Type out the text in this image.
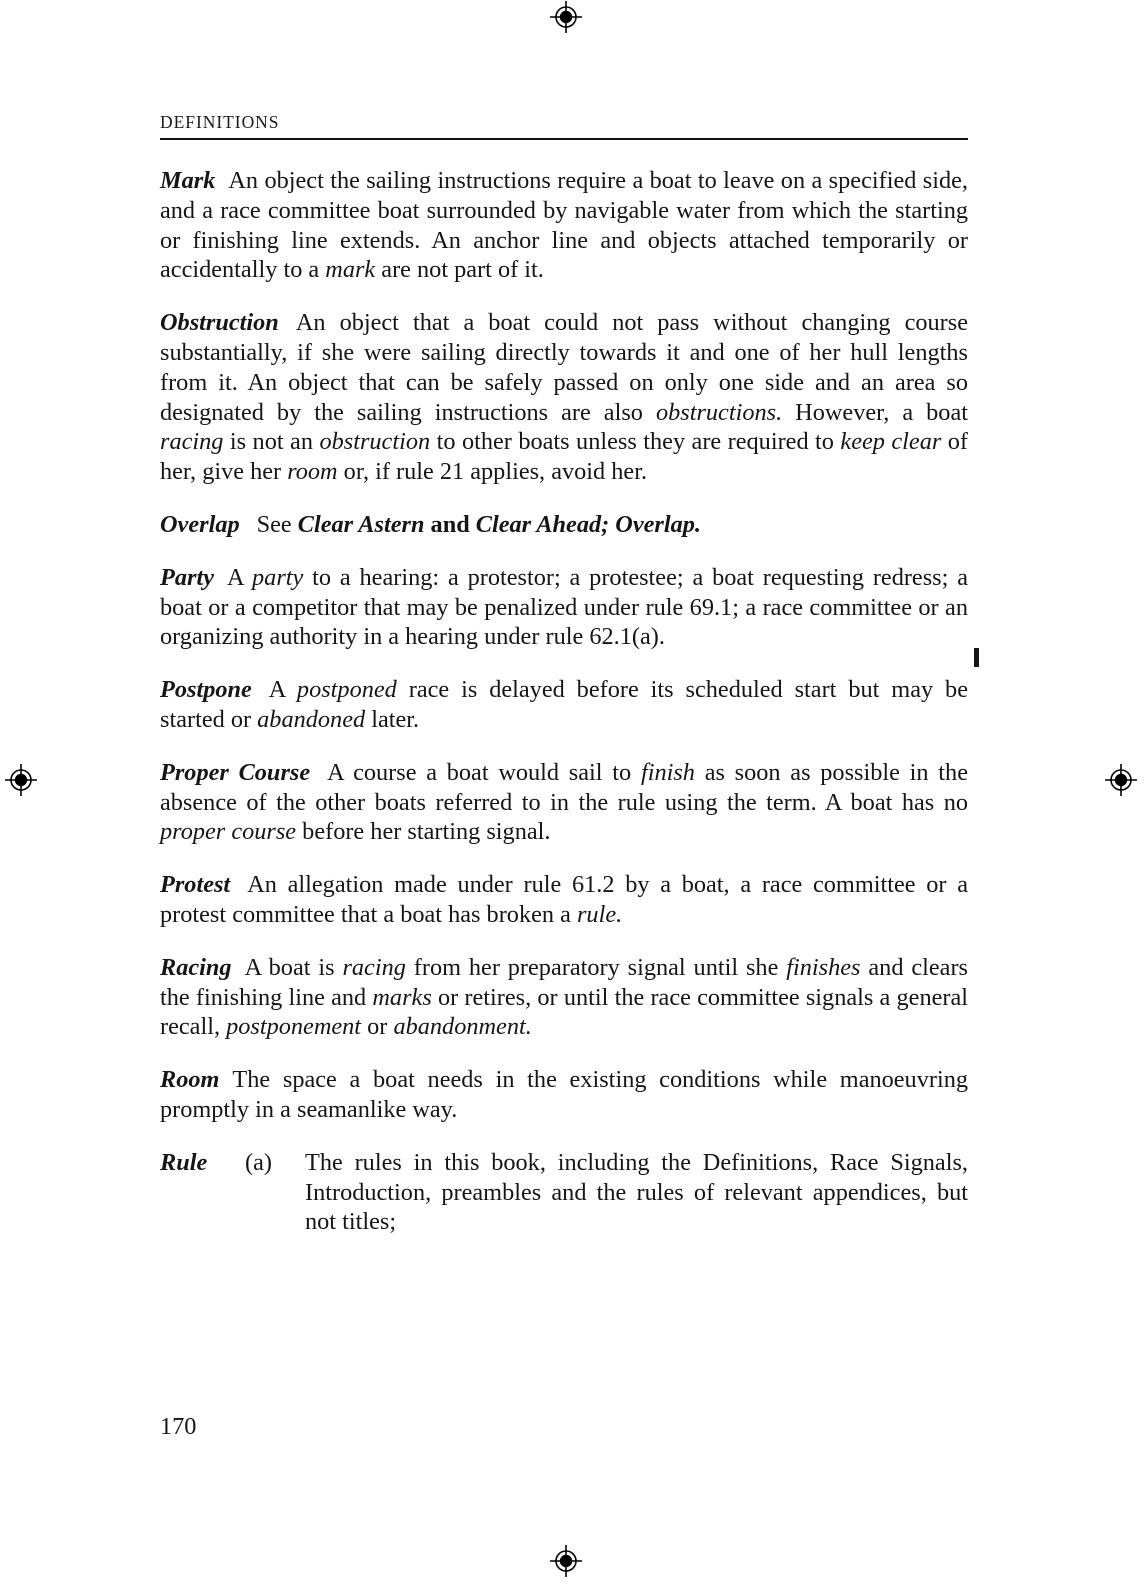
DEFINITIONS

Mark An object the sailing instructions require a boat to leave on a specified side, and a race committee boat surrounded by navigable water from which the starting or finishing line extends. An anchor line and objects attached temporarily or accidentally to a mark are not part of it.

Obstruction An object that a boat could not pass without changing course substantially, if she were sailing directly towards it and one of her hull lengths from it. An object that can be safely passed on only one side and an area so designated by the sailing instructions are also obstructions. However, a boat racing is not an obstruction to other boats unless they are required to keep clear of her, give her room or, if rule 21 applies, avoid her.

Overlap See Clear Astern and Clear Ahead; Overlap.

Party A party to a hearing: a protestor; a protestee; a boat requesting redress; a boat or a competitor that may be penalized under rule 69.1; a race committee or an organizing authority in a hearing under rule 62.1(a).

Postpone A postponed race is delayed before its scheduled start but may be started or abandoned later.

Proper Course A course a boat would sail to finish as soon as possible in the absence of the other boats referred to in the rule using the term. A boat has no proper course before her starting signal.

Protest An allegation made under rule 61.2 by a boat, a race committee or a protest committee that a boat has broken a rule.

Racing A boat is racing from her preparatory signal until she finishes and clears the finishing line and marks or retires, or until the race committee signals a general recall, postponement or abandonment.

Room The space a boat needs in the existing conditions while manoeuvring promptly in a seamanlike way.

Rule (a) The rules in this book, including the Definitions, Race Signals, Introduction, preambles and the rules of relevant appendices, but not titles;
170
